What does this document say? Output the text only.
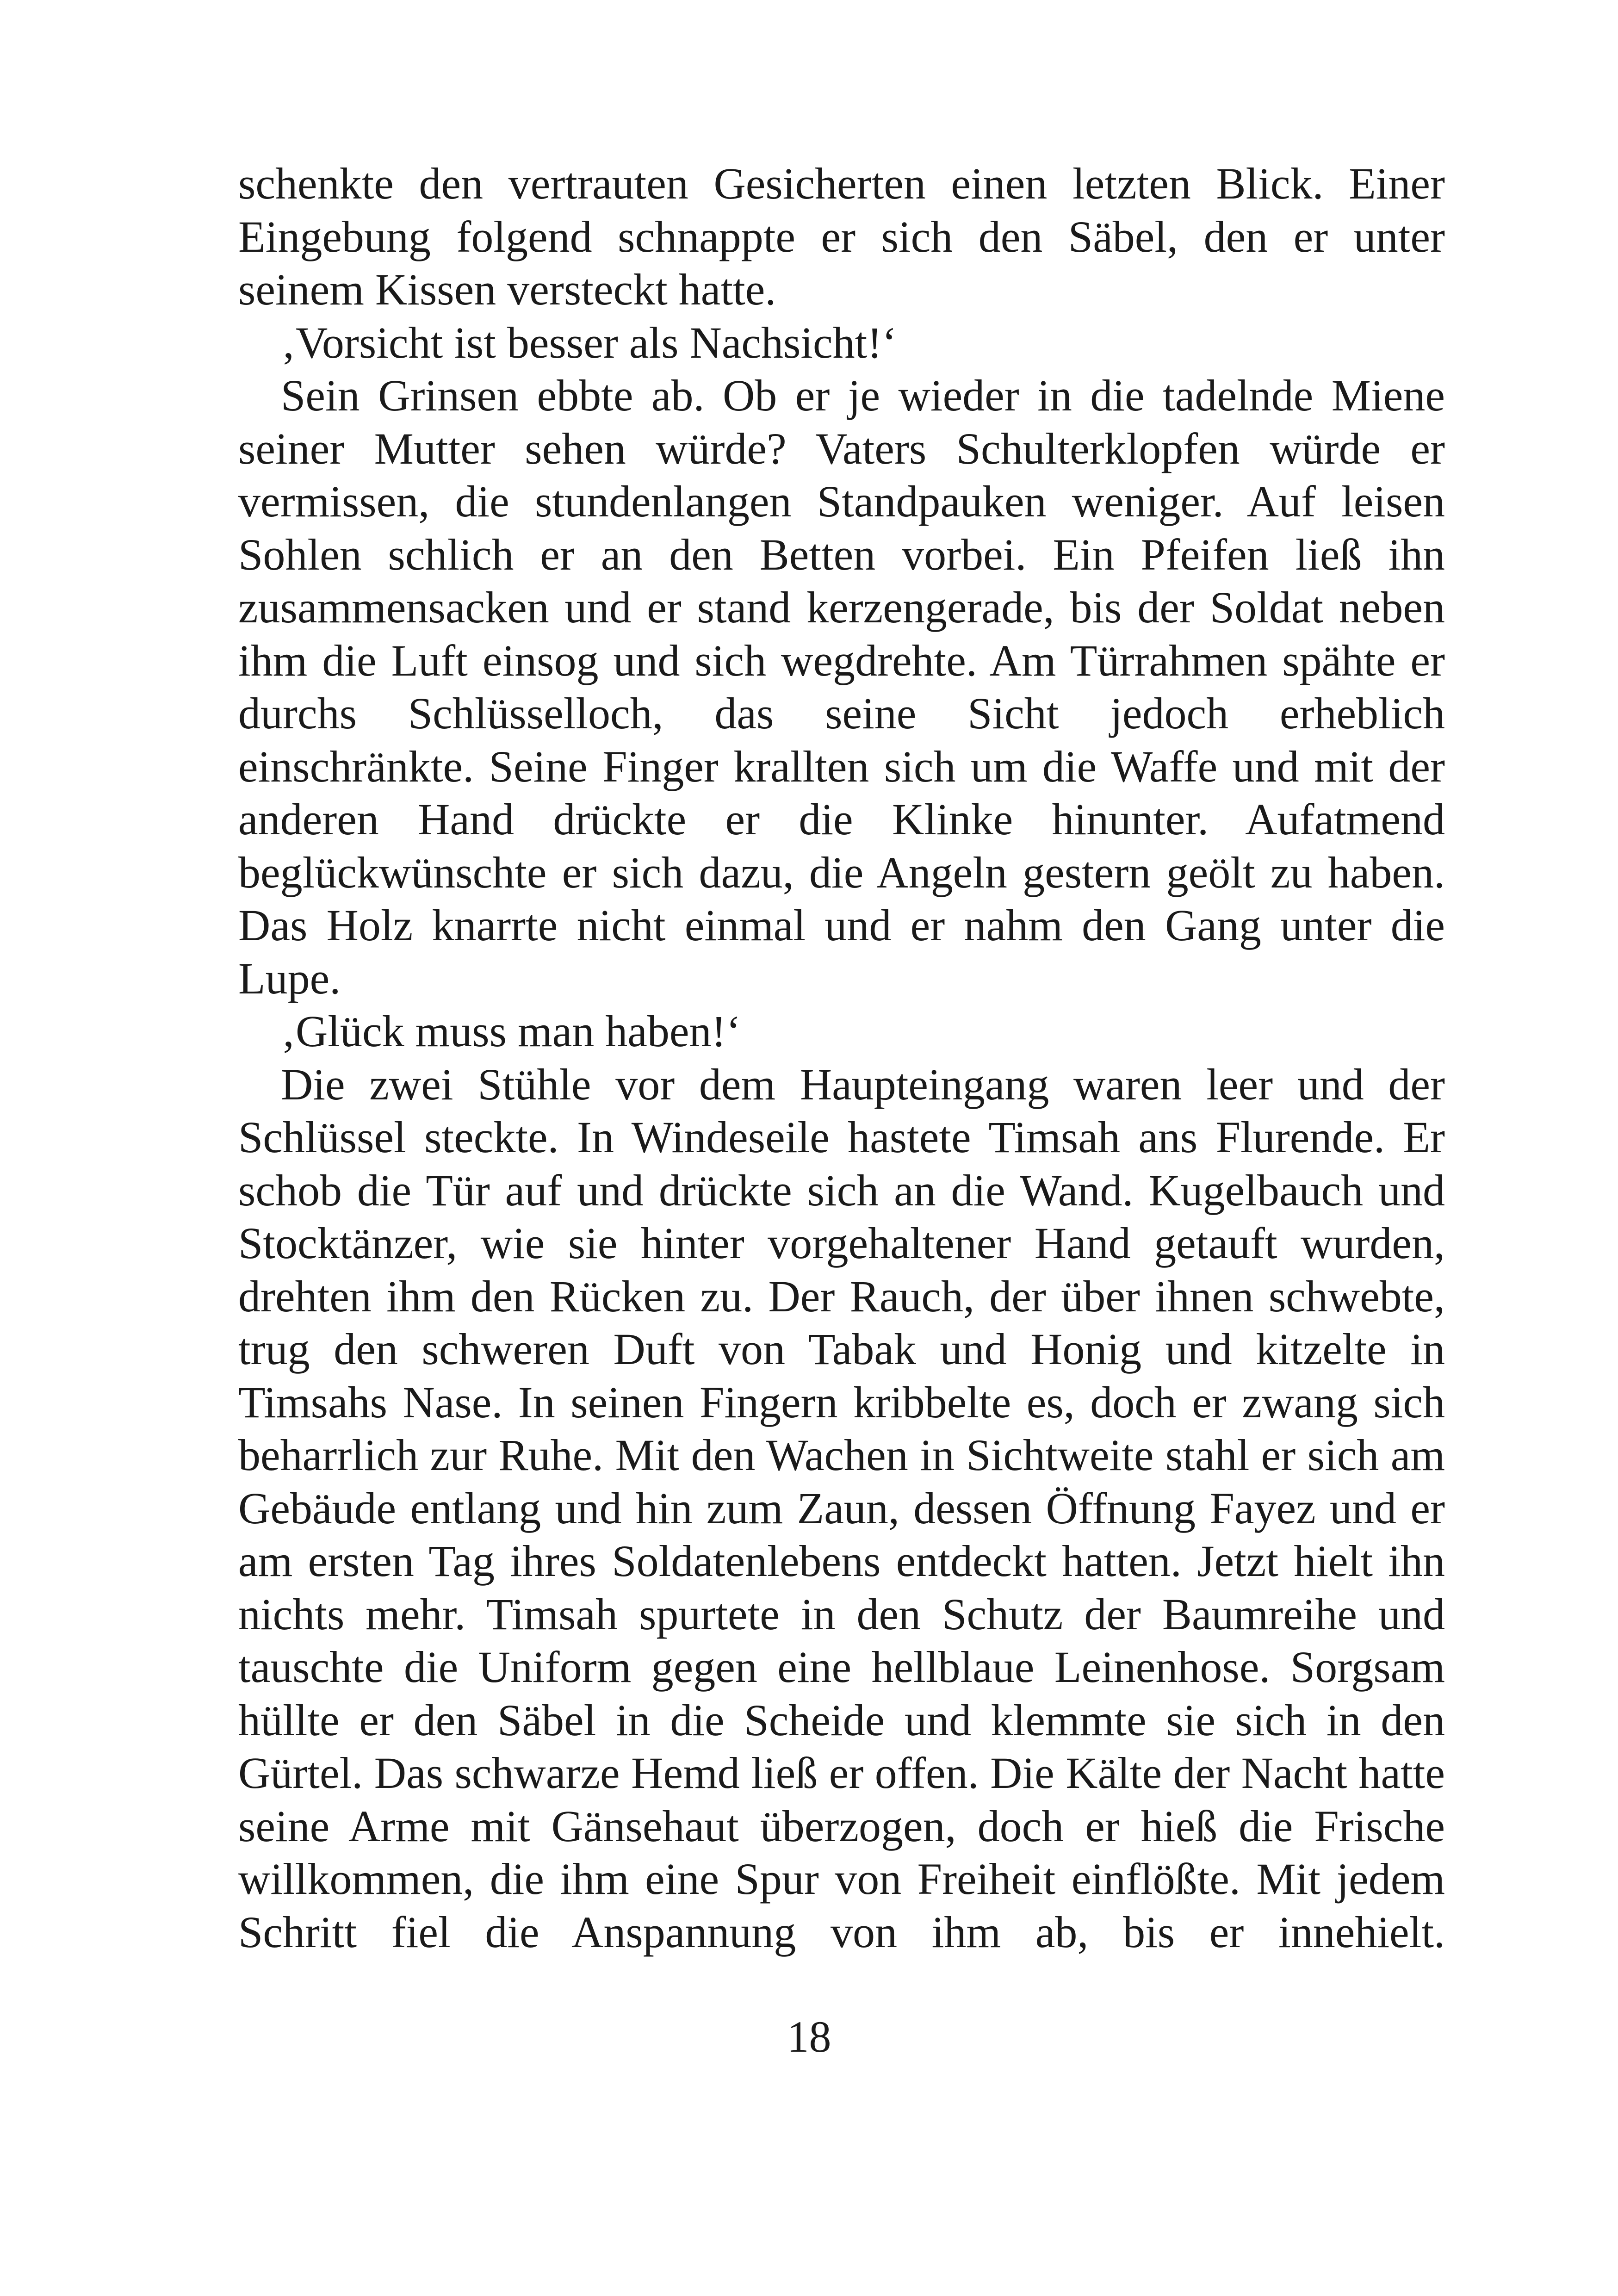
schenkte den vertrauten Gesicherten einen letzten Blick. Einer Eingebung folgend schnappte er sich den Säbel, den er unter seinem Kissen versteckt hatte.

‚Vorsicht ist besser als Nachsicht!‘

Sein Grinsen ebbte ab. Ob er je wieder in die tadelnde Miene seiner Mutter sehen würde? Vaters Schulterklopfen würde er vermissen, die stundenlangen Standpauken weniger. Auf leisen Sohlen schlich er an den Betten vorbei. Ein Pfeifen ließ ihn zusammensacken und er stand kerzengerade, bis der Soldat neben ihm die Luft einsog und sich wegdrehte. Am Türrahmen spähte er durchs Schlüsselloch, das seine Sicht jedoch erheblich einschränkte. Seine Finger krallten sich um die Waffe und mit der anderen Hand drückte er die Klinke hinunter. Aufatmend beglückwünschte er sich dazu, die Angeln gestern geölt zu haben. Das Holz knarrte nicht einmal und er nahm den Gang unter die Lupe.

‚Glück muss man haben!‘

Die zwei Stühle vor dem Haupteingang waren leer und der Schlüssel steckte. In Windeseile hastete Timsah ans Flurende. Er schob die Tür auf und drückte sich an die Wand. Kugelbauch und Stocktänzer, wie sie hinter vorgehaltener Hand getauft wurden, drehten ihm den Rücken zu. Der Rauch, der über ihnen schwebte, trug den schweren Duft von Tabak und Honig und kitzelte in Timsahs Nase. In seinen Fingern kribbelte es, doch er zwang sich beharrlich zur Ruhe. Mit den Wachen in Sichtweite stahl er sich am Gebäude entlang und hin zum Zaun, dessen Öffnung Fayez und er am ersten Tag ihres Soldatenlebens entdeckt hatten. Jetzt hielt ihn nichts mehr. Timsah spurtete in den Schutz der Baumreihe und tauschte die Uniform gegen eine hellblaue Leinenhose. Sorgsam hüllte er den Säbel in die Scheide und klemmte sie sich in den Gürtel. Das schwarze Hemd ließ er offen. Die Kälte der Nacht hatte seine Arme mit Gänsehaut überzogen, doch er hieß die Frische willkommen, die ihm eine Spur von Freiheit einflößte. Mit jedem Schritt fiel die Anspannung von ihm ab, bis er innehielt.

18
